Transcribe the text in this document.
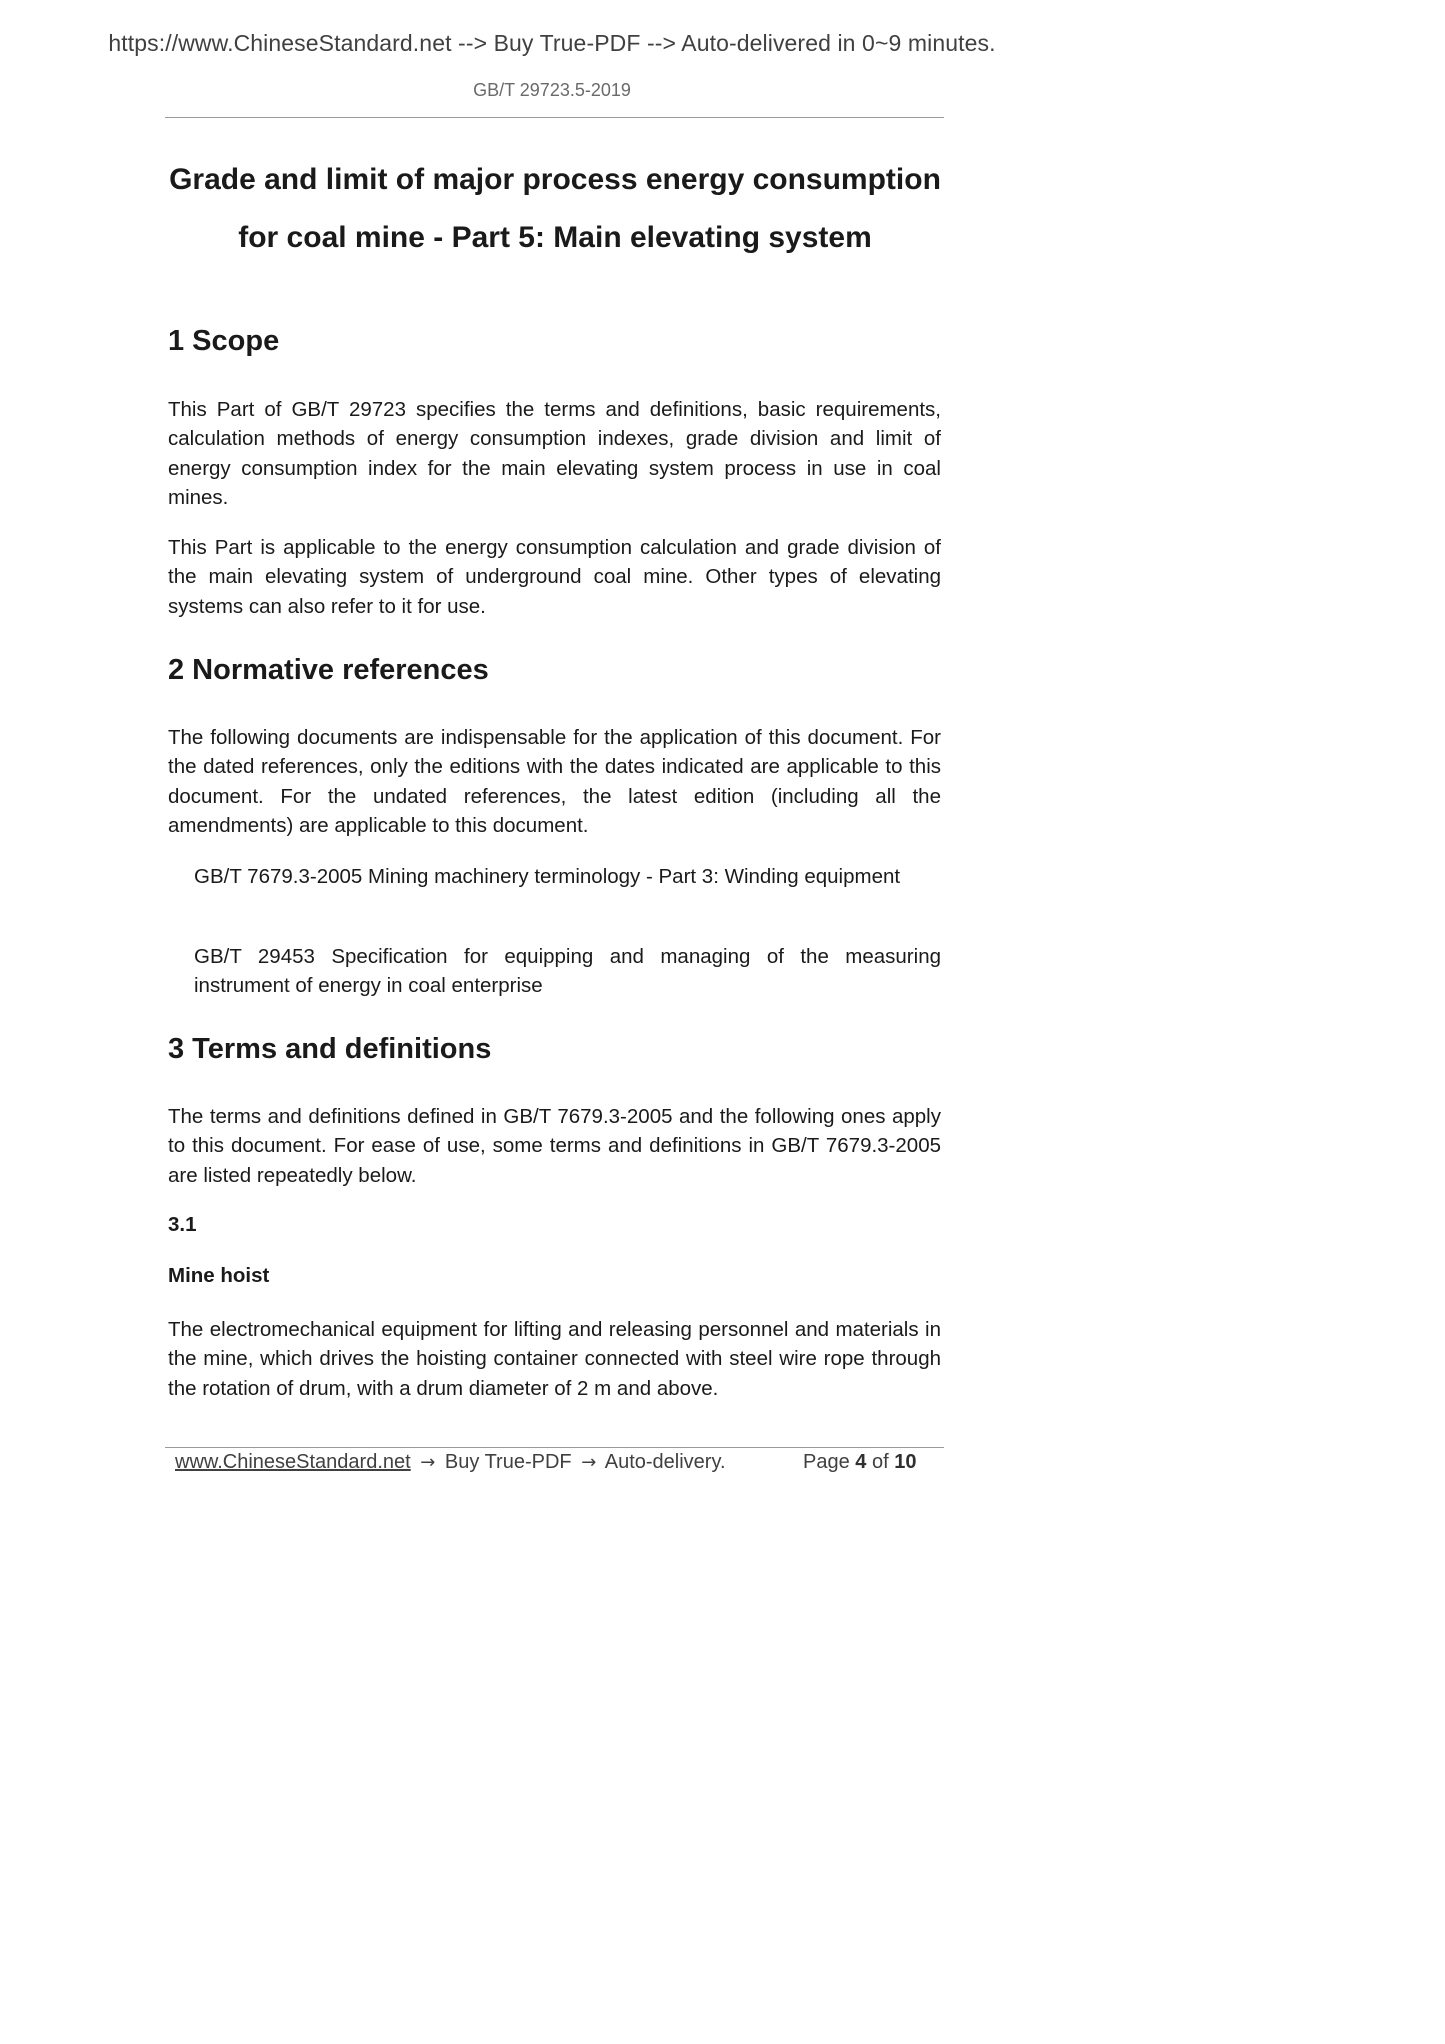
https://www.ChineseStandard.net --> Buy True-PDF --> Auto-delivered in 0~9 minutes.
GB/T 29723.5-2019
Grade and limit of major process energy consumption
for coal mine - Part 5: Main elevating system
1 Scope
This Part of GB/T 29723 specifies the terms and definitions, basic requirements, calculation methods of energy consumption indexes, grade division and limit of energy consumption index for the main elevating system process in use in coal mines.
This Part is applicable to the energy consumption calculation and grade division of the main elevating system of underground coal mine. Other types of elevating systems can also refer to it for use.
2 Normative references
The following documents are indispensable for the application of this document. For the dated references, only the editions with the dates indicated are applicable to this document. For the undated references, the latest edition (including all the amendments) are applicable to this document.
GB/T 7679.3-2005 Mining machinery terminology - Part 3: Winding equipment
GB/T 29453 Specification for equipping and managing of the measuring instrument of energy in coal enterprise
3 Terms and definitions
The terms and definitions defined in GB/T 7679.3-2005 and the following ones apply to this document. For ease of use, some terms and definitions in GB/T 7679.3-2005 are listed repeatedly below.
3.1
Mine hoist
The electromechanical equipment for lifting and releasing personnel and materials in the mine, which drives the hoisting container connected with steel wire rope through the rotation of drum, with a drum diameter of 2 m and above.
www.ChineseStandard.net → Buy True-PDF → Auto-delivery.	Page 4 of 10
